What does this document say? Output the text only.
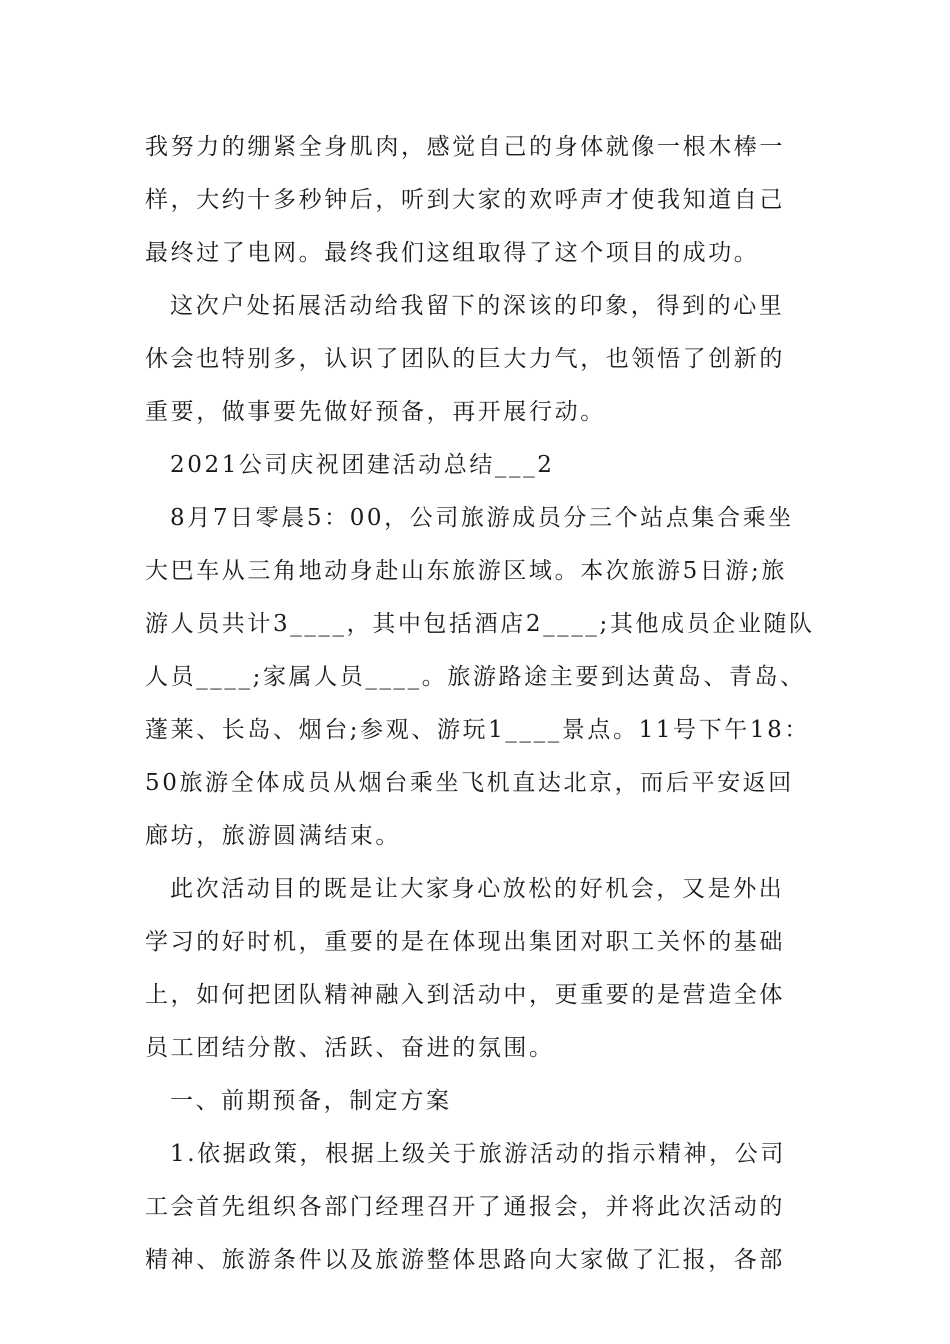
我努力的绷紧全身肌肉，感觉自己的身体就像一根木棒一
样，大约十多秒钟后，听到大家的欢呼声才使我知道自己
最终过了电网。最终我们这组取得了这个项目的成功。
这次户处拓展活动给我留下的深该的印象，得到的心里
休会也特别多，认识了团队的巨大力气，也领悟了创新的
重要，做事要先做好预备，再开展行动。
2021公司庆祝团建活动总结___2
8月7日零晨5：00，公司旅游成员分三个站点集合乘坐
大巴车从三角地动身赴山东旅游区域。本次旅游5日游;旅
游人员共计3____，其中包括酒店2____;其他成员企业随队
人员____;家属人员____。旅游路途主要到达黄岛、青岛、
蓬莱、长岛、烟台;参观、游玩1____景点。11号下午18：
50旅游全体成员从烟台乘坐飞机直达北京，而后平安返回
廊坊，旅游圆满结束。
此次活动目的既是让大家身心放松的好机会，又是外出
学习的好时机，重要的是在体现出集团对职工关怀的基础
上，如何把团队精神融入到活动中，更重要的是营造全体
员工团结分散、活跃、奋进的氛围。
一、前期预备，制定方案
1.依据政策，根据上级关于旅游活动的指示精神，公司
工会首先组织各部门经理召开了通报会，并将此次活动的
精神、旅游条件以及旅游整体思路向大家做了汇报，各部
